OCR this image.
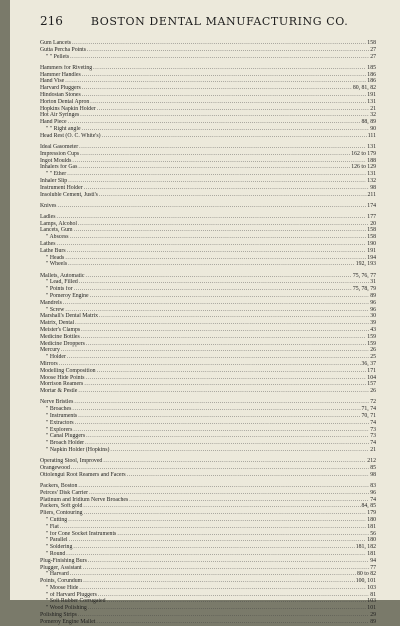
216	BOSTON DENTAL MANUFACTURING CO.
Gum Lancets .....	158
Gutta Percha Points .....	27
" " Pellets .....	27
Hammers for Riveting .....	185
Hammer Handles .....	186
Hand Vise .....	186
Harvard Pluggers .....	80, 81, 82
Hindostan Stones .....	191
Horton Dental Apron .....	131
Hopkins Napkin Holder .....	21
Hot Air Syringes .....	32
Hand Piece .....	88, 89
" " Right angle .....	90
Head Rest (O. C. White's) .....	111
Ideal Gasometer .....	131
Impression Cups .....	162 to 179
Ingot Moulds .....	188
Inhalers for Gas .....	126 to 129
" " Ether .....	131
Inhaler Slip .....	132
Instrument Holder .....	98
Insoluble Cement, Justi's .....	211
Knives .....	174
Ladles .....	177
Lamps, Alcohol .....	20
Lancets, Gum .....	158
" Abscess .....	158
Lathes .....	190
Lathe Burs .....	191
" Heads .....	194
" Wheels .....	192, 193
Mallets, Automatic .....	75, 76, 77
" Lead, Filled .....	31
" Points for .....	75, 78, 79
" Pomeroy Engine .....	89
Mandrels .....	96
" Screw .....	96
Marshall's Dental Matrix .....	30
Matrix, Dental .....	39
Meister's Clamps .....	43
Medicine Bottles .....	159
Medicine Droppers .....	159
Mercury .....	26
" Holder .....	25
Mirrors .....	36, 37
Modelling Composition .....	171
Moose Hide Points .....	104
Morrison Reamers .....	157
Mortar & Pestle .....	26
Nerve Bristles .....	72
" Broaches .....	71, 74
" Instruments .....	70, 71
" Extractors .....	74
" Explorers .....	73
" Canal Pluggers .....	73
" Broach Holder .....	74
" Napkin Holder (Hopkins) .....	21
Operating Stool, Improved .....	212
Orangewood .....	85
Ottolengui Root Reamers and Facers .....	98
Packers, Boston .....	83
Peirces' Disk Carrier .....	96
Platinum and Iridium Nerve Broaches .....	74
Packers, Soft gold .....	84, 85
Pliers, Contouring .....	179
" Cutting .....	180
" Flat .....	181
" for Cone Socket Instruments .....	56
" Parallel .....	180
" Soldering .....	181, 182
" Round .....	181
Plug-Finishing Burs .....	94
Plugger, Assistant .....	77
" Harvard .....	80 to 82
Points, Corundum .....	100, 101
" Moose Hide .....	103
" of Harvard Pluggers .....	81
" Soft Rubber Corrugated .....	103
" Wood Polishing .....	101
Polishing Strips .....	29
Pomeroy Engine Mallet .....	89
